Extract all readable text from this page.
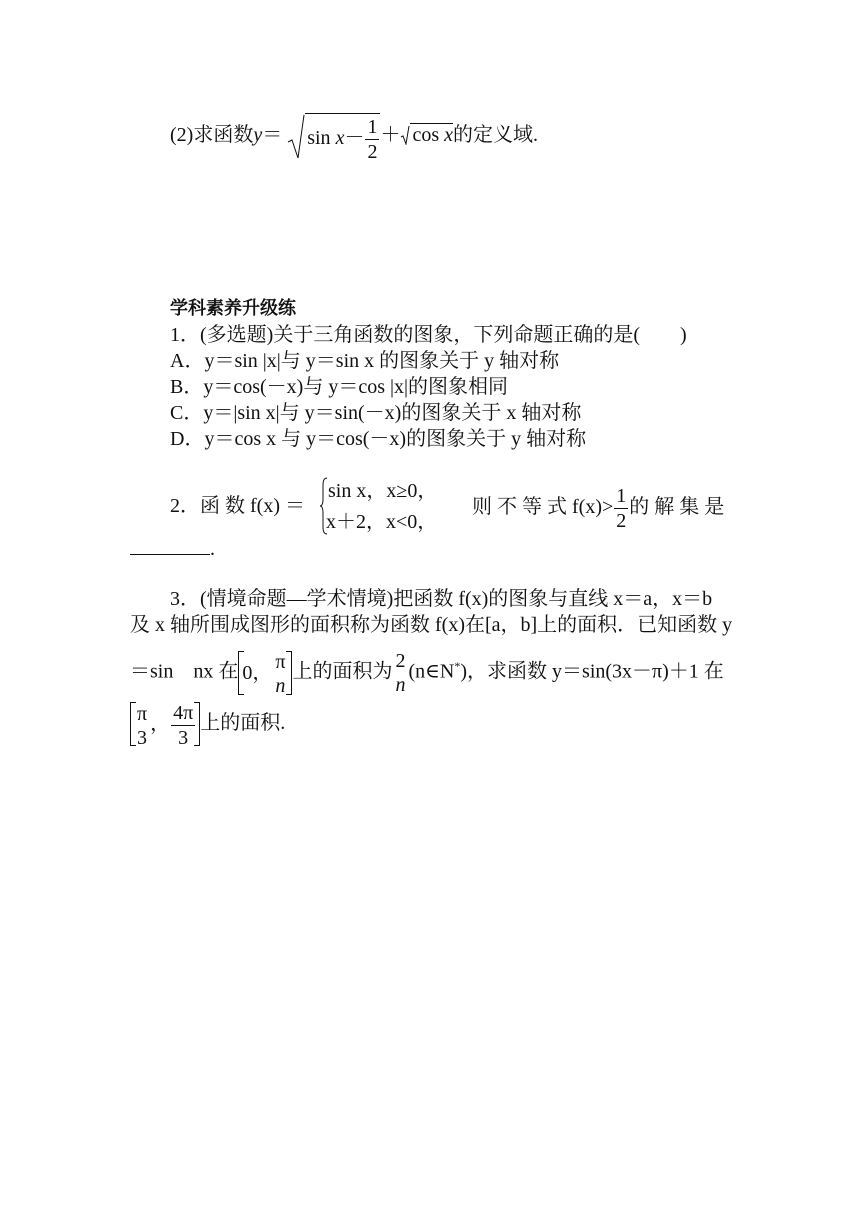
(2)求函数$y= \sin x- \frac{1}{2} + \cos x$的定义域.
学科素养升级练
1．(多选题)关于三角函数的图象，下列命题正确的是(　　)
A．y＝sin |x|与 y＝sin x 的图象关于 y 轴对称
B．y＝cos(－x)与 y＝cos |x|的图象相同
C．y＝|sin x|与 y＝sin(－x)的图象关于 x 轴对称
D．y＝cos x 与 y＝cos(－x)的图象关于 y 轴对称
2．函 数 f(x) ＝
sin x，x≥0，
x＋2，x<0，
则 不 等 式 $f(x)> \frac{1}{2}$ 的 解 集 是
.
3．(情境命题—学术情境)把函数 f(x)的图象与直线 x＝a，x＝b
及 x 轴所围成图形的面积称为函数 f(x)在[a，b]上的面积．已知函数 y
＝sin　nx 在 0， π
n
上的面积为 2
n
(n∈N*)，求函数 y＝sin(3x－π)＋1 在
π
3
， $\frac{4\pi}{3}$ 上的面积.
